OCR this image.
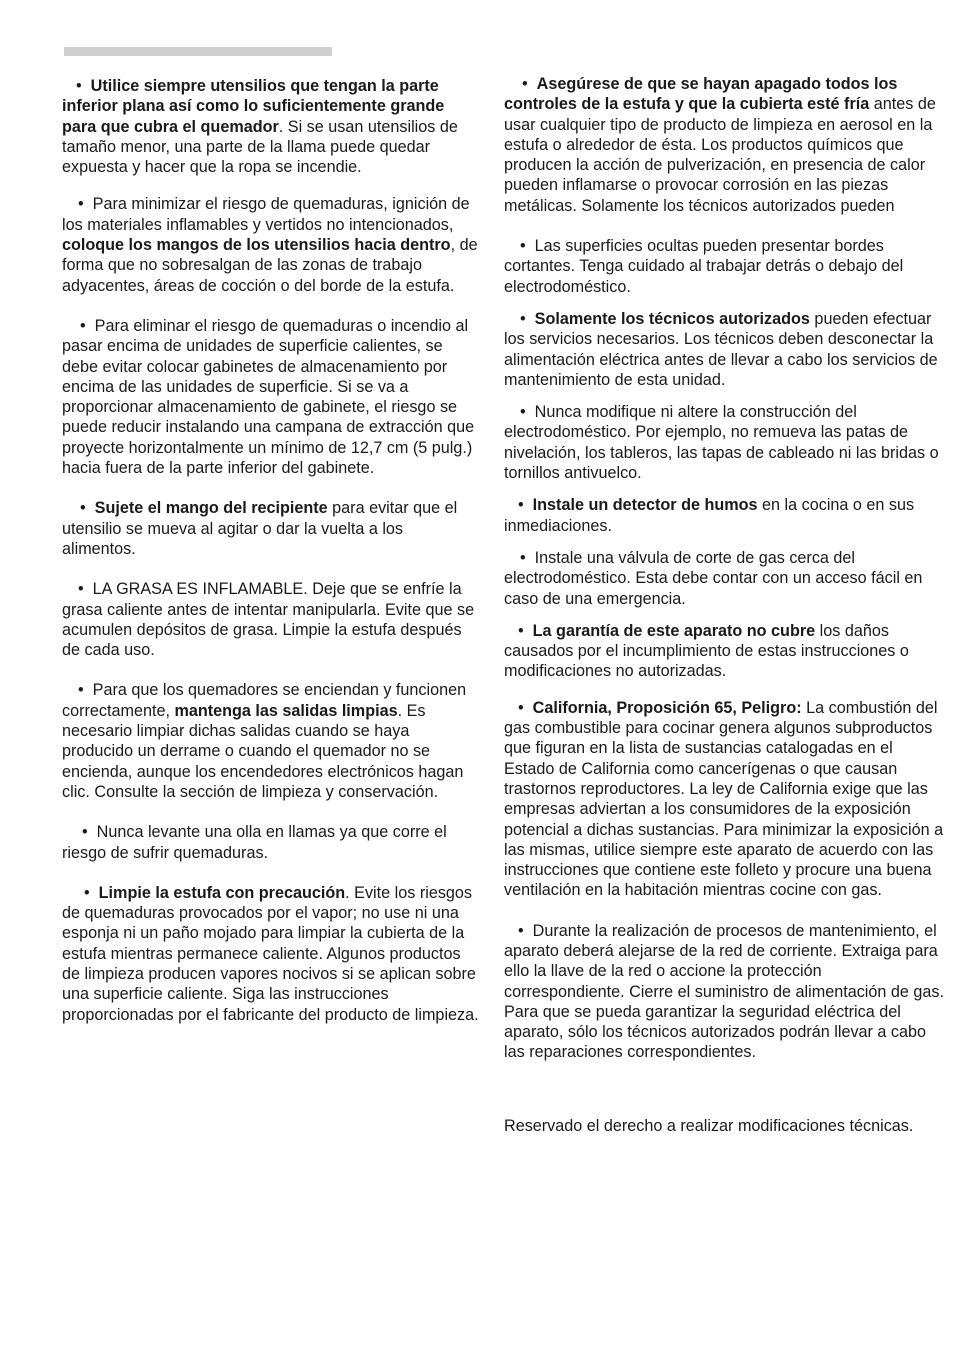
• Utilice siempre utensilios que tengan la parte inferior plana así como lo suficientemente grande para que cubra el quemador. Si se usan utensilios de tamaño menor, una parte de la llama puede quedar expuesta y hacer que la ropa se incendie.

• Para minimizar el riesgo de quemaduras, ignición de los materiales inflamables y vertidos no intencionados, coloque los mangos de los utensilios hacia dentro, de forma que no sobresalgan de las zonas de trabajo adyacentes, áreas de cocción o del borde de la estufa.

• Para eliminar el riesgo de quemaduras o incendio al pasar encima de unidades de superficie calientes, se debe evitar colocar gabinetes de almacenamiento por encima de las unidades de superficie. Si se va a proporcionar almacenamiento de gabinete, el riesgo se puede reducir instalando una campana de extracción que proyecte horizontalmente un mínimo de 12,7 cm (5 pulg.) hacia fuera de la parte inferior del gabinete.

• Sujete el mango del recipiente para evitar que el utensilio se mueva al agitar o dar la vuelta a los alimentos.

• LA GRASA ES INFLAMABLE. Deje que se enfríe la grasa caliente antes de intentar manipularla. Evite que se acumulen depósitos de grasa. Limpie la estufa después de cada uso.

• Para que los quemadores se enciendan y funcionen correctamente, mantenga las salidas limpias. Es necesario limpiar dichas salidas cuando se haya producido un derrame o cuando el quemador no se encienda, aunque los encendedores electrónicos hagan clic. Consulte la sección de limpieza y conservación.

• Nunca levante una olla en llamas ya que corre el riesgo de sufrir quemaduras.

• Limpie la estufa con precaución. Evite los riesgos de quemaduras provocados por el vapor; no use ni una esponja ni un paño mojado para limpiar la cubierta de la estufa mientras permanece caliente. Algunos productos de limpieza producen vapores nocivos si se aplican sobre una superficie caliente. Siga las instrucciones proporcionadas por el fabricante del producto de limpieza.

• Asegúrese de que se hayan apagado todos los controles de la estufa y que la cubierta esté fría antes de usar cualquier tipo de producto de limpieza en aerosol en la estufa o alrededor de ésta. Los productos químicos que producen la acción de pulverización, en presencia de calor pueden inflamarse o provocar corrosión en las piezas metálicas. Solamente los técnicos autorizados pueden

• Las superficies ocultas pueden presentar bordes cortantes. Tenga cuidado al trabajar detrás o debajo del electrodoméstico.

• Solamente los técnicos autorizados pueden efectuar los servicios necesarios. Los técnicos deben desconectar la alimentación eléctrica antes de llevar a cabo los servicios de mantenimiento de esta unidad.

• Nunca modifique ni altere la construcción del electrodoméstico. Por ejemplo, no remueva las patas de nivelación, los tableros, las tapas de cableado ni las bridas o tornillos antivuelco.

• Instale un detector de humos en la cocina o en sus inmediaciones.

• Instale una válvula de corte de gas cerca del electrodoméstico. Esta debe contar con un acceso fácil en caso de una emergencia.

• La garantía de este aparato no cubre los daños causados por el incumplimiento de estas instrucciones o modificaciones no autorizadas.

• California, Proposición 65, Peligro: La combustión del gas combustible para cocinar genera algunos subproductos que figuran en la lista de sustancias catalogadas en el Estado de California como cancerígenas o que causan trastornos reproductores. La ley de California exige que las empresas adviertan a los consumidores de la exposición potencial a dichas sustancias. Para minimizar la exposición a las mismas, utilice siempre este aparato de acuerdo con las instrucciones que contiene este folleto y procure una buena ventilación en la habitación mientras cocine con gas.

• Durante la realización de procesos de mantenimiento, el aparato deberá alejarse de la red de corriente. Extraiga para ello la llave de la red o accione la protección correspondiente. Cierre el suministro de alimentación de gas.

Para que se pueda garantizar la seguridad eléctrica del aparato, sólo los técnicos autorizados podrán llevar a cabo las reparaciones correspondientes.

Reservado el derecho a realizar modificaciones técnicas.
